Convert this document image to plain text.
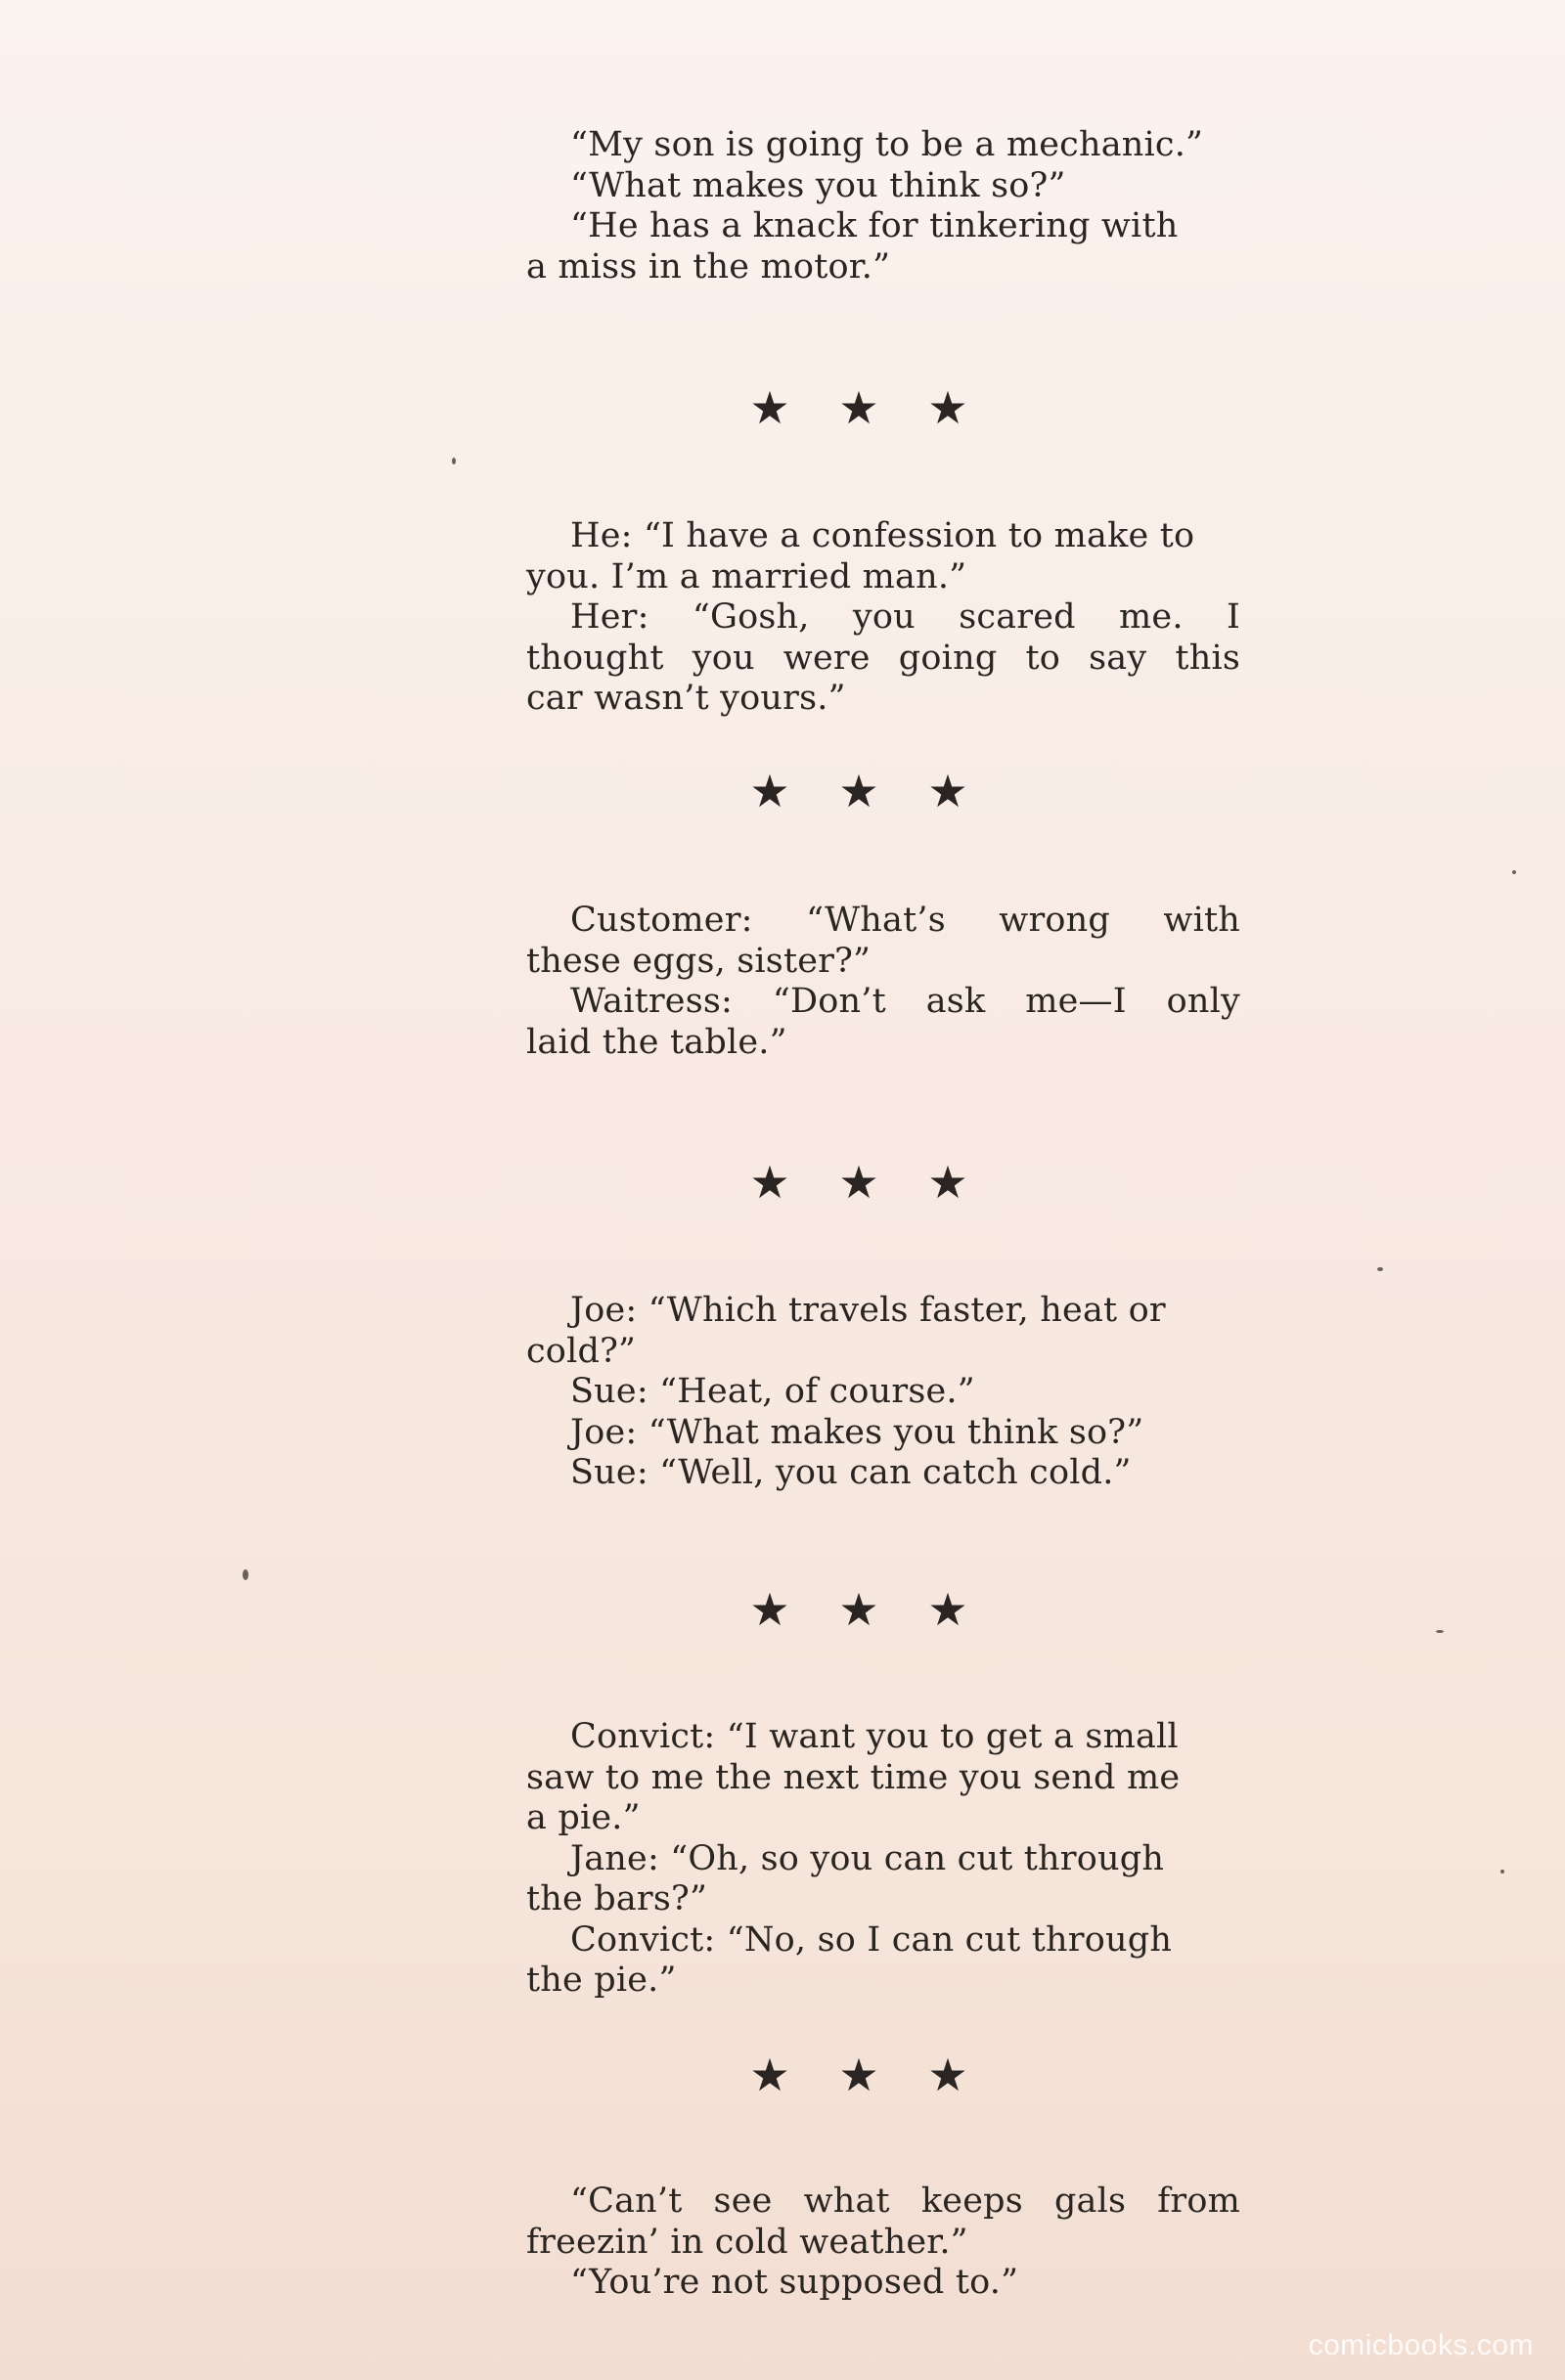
“My son is going to be a mechanic.”
“What makes you think so?”
“He has a knack for tinkering with
a miss in the motor.”
★ ★ ★
He: “I have a confession to make to
you. I’m a married man.”
Her: “Gosh, you scared me. I
thought you were going to say this
car wasn’t yours.”
★ ★ ★
Customer: “What’s wrong with
these eggs, sister?”
Waitress: “Don’t ask me—I only
laid the table.”
★ ★ ★
Joe: “Which travels faster, heat or
cold?”
Sue: “Heat, of course.”
Joe: “What makes you think so?”
Sue: “Well, you can catch cold.”
★ ★ ★
Convict: “I want you to get a small
saw to me the next time you send me
a pie.”
Jane: “Oh, so you can cut through
the bars?”
Convict: “No, so I can cut through
the pie.”
★ ★ ★
“Can’t see what keeps gals from
freezin’ in cold weather.”
“You’re not supposed to.”
comicbooks.com
